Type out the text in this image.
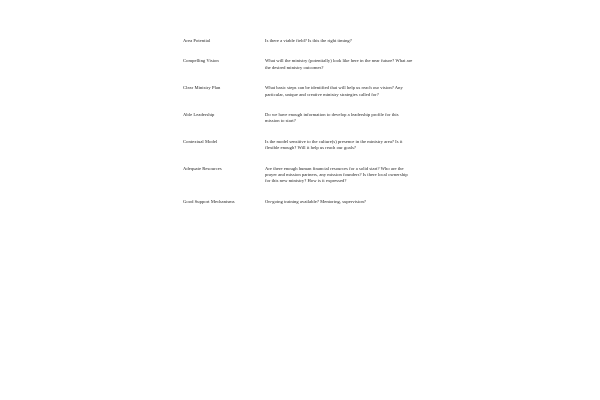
Area Potential	Is there a viable field? Is this the right timing?
Compelling Vision	What will the ministry (potentially) look like here in the near future? What are the desired ministry outcomes?
Clear Ministry Plan	What basic steps can be identified that will help us reach our vision? Any particular, unique and creative ministry strategies called for?
Able Leadership	Do we have enough information to develop a leadership profile for this mission to start?
Contextual Model	Is the model sensitive to the culture(s) presence in the ministry area? Is it flexible enough? Will it help us reach our goals?
Adequate Resources	Are there enough human financial resources for a solid start? Who are the prayer and mission partners, any mission founders? Is there local ownership for this new ministry? How is it expressed?
Good Support Mechanisms	On-going training available? Mentoring, supervision?
